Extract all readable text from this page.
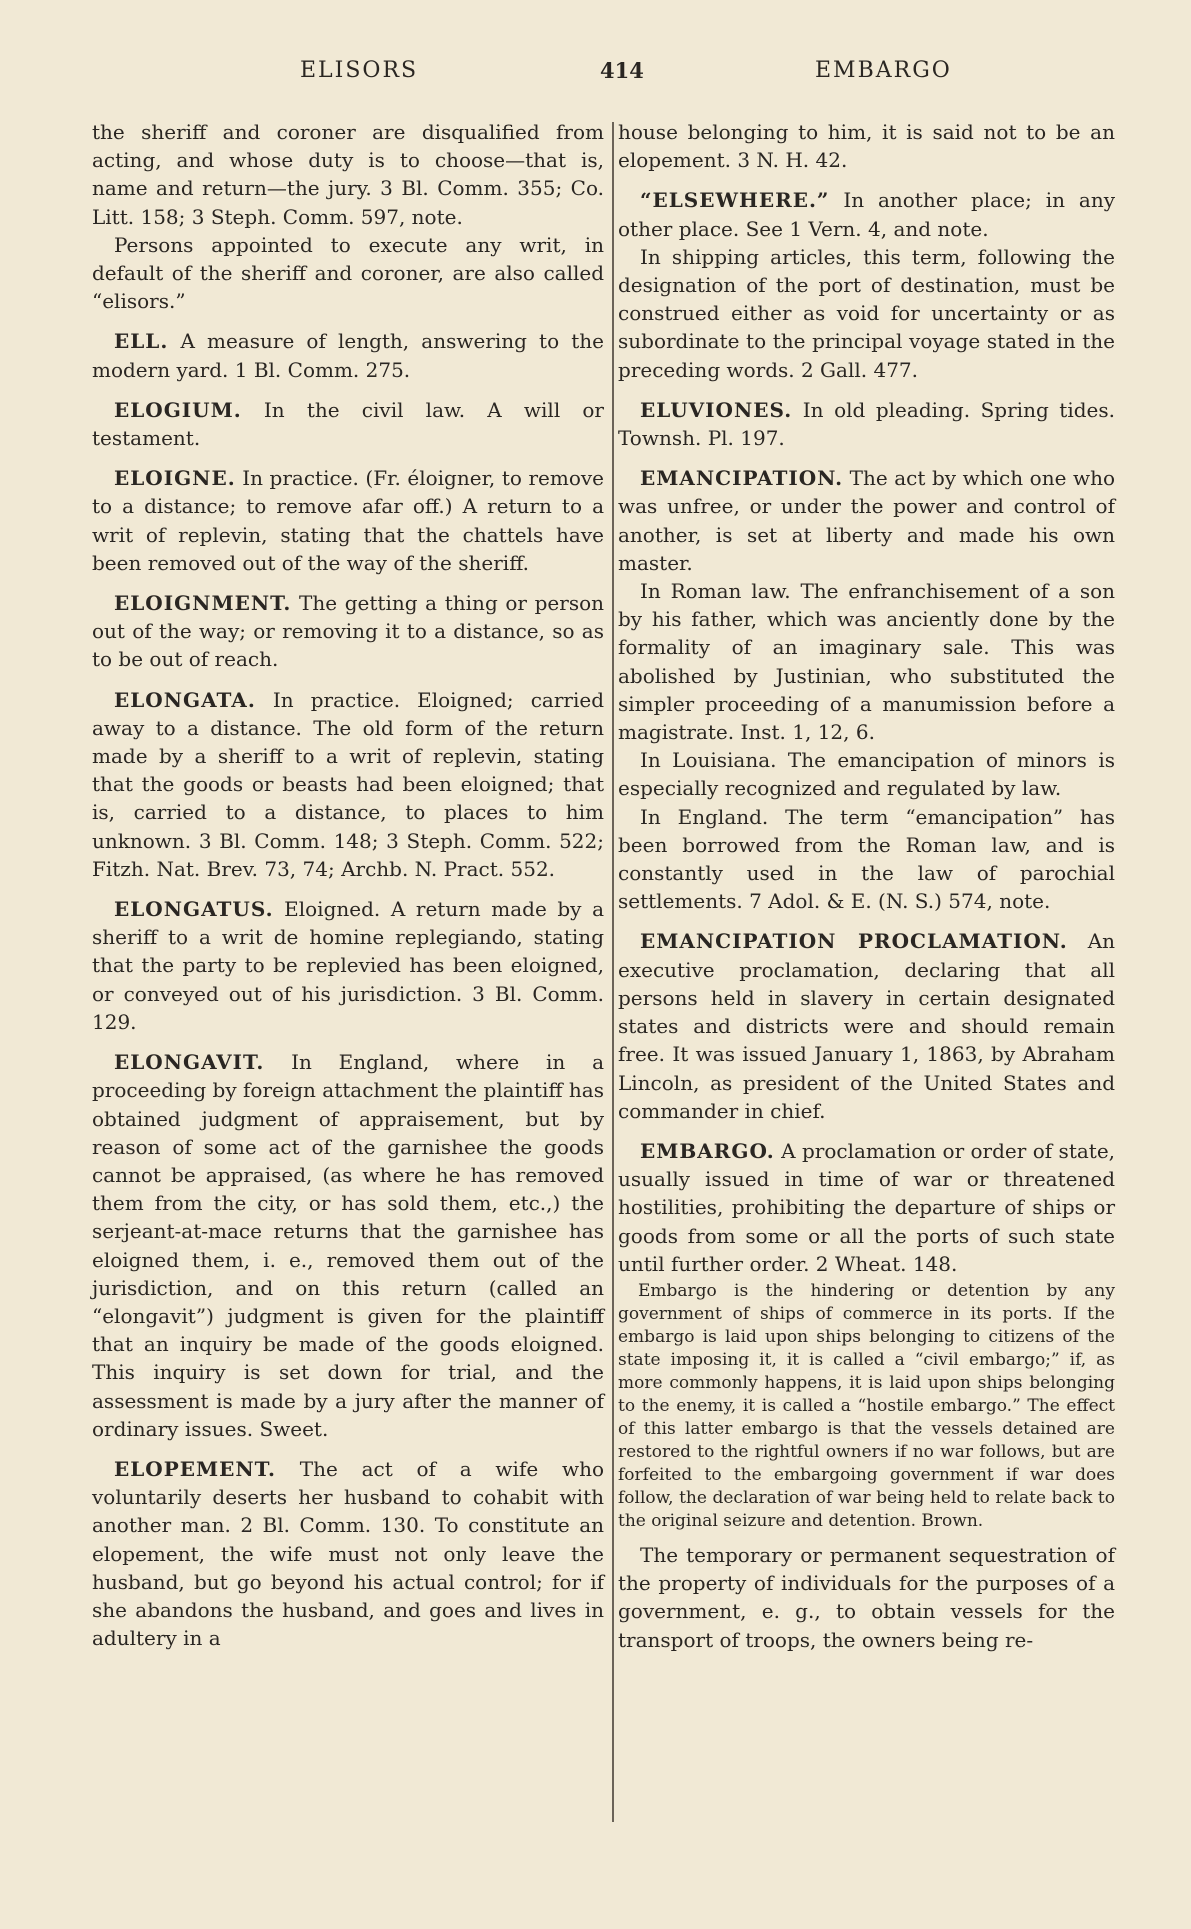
ELISORS	414	EMBARGO

the sheriff and coroner are disqualified from acting, and whose duty is to choose—that is, name and return—the jury. 3 Bl. Comm. 355; Co. Litt. 158; 3 Steph. Comm. 597, note.

Persons appointed to execute any writ, in default of the sheriff and coroner, are also called “elisors.”

ELL. A measure of length, answering to the modern yard. 1 Bl. Comm. 275.

ELOGIUM. In the civil law. A will or testament.

ELOIGNE. In practice. (Fr. éloigner, to remove to a distance; to remove afar off.) A return to a writ of replevin, stating that the chattels have been removed out of the way of the sheriff.

ELOIGNMENT. The getting a thing or person out of the way; or removing it to a distance, so as to be out of reach.

ELONGATA. In practice. Eloigned; carried away to a distance. The old form of the return made by a sheriff to a writ of replevin, stating that the goods or beasts had been eloigned; that is, carried to a distance, to places to him unknown. 3 Bl. Comm. 148; 3 Steph. Comm. 522; Fitzh. Nat. Brev. 73, 74; Archb. N. Pract. 552.

ELONGATUS. Eloigned. A return made by a sheriff to a writ de homine replegiando, stating that the party to be replevied has been eloigned, or conveyed out of his jurisdiction. 3 Bl. Comm. 129.

ELONGAVIT. In England, where in a proceeding by foreign attachment the plaintiff has obtained judgment of appraisement, but by reason of some act of the garnishee the goods cannot be appraised, (as where he has removed them from the city, or has sold them, etc.,) the serjeant-at-mace returns that the garnishee has eloigned them, i. e., removed them out of the jurisdiction, and on this return (called an “elongavit”) judgment is given for the plaintiff that an inquiry be made of the goods eloigned. This inquiry is set down for trial, and the assessment is made by a jury after the manner of ordinary issues. Sweet.

ELOPEMENT. The act of a wife who voluntarily deserts her husband to cohabit with another man. 2 Bl. Comm. 130. To constitute an elopement, the wife must not only leave the husband, but go beyond his actual control; for if she abandons the husband, and goes and lives in adultery in a

house belonging to him, it is said not to be an elopement. 3 N. H. 42.

“ELSEWHERE.” In another place; in any other place. See 1 Vern. 4, and note.

In shipping articles, this term, following the designation of the port of destination, must be construed either as void for uncertainty or as subordinate to the principal voyage stated in the preceding words. 2 Gall. 477.

ELUVIONES. In old pleading. Spring tides. Townsh. Pl. 197.

EMANCIPATION. The act by which one who was unfree, or under the power and control of another, is set at liberty and made his own master.

In Roman law. The enfranchisement of a son by his father, which was anciently done by the formality of an imaginary sale. This was abolished by Justinian, who substituted the simpler proceeding of a manumission before a magistrate. Inst. 1, 12, 6.

In Louisiana. The emancipation of minors is especially recognized and regulated by law.

In England. The term “emancipation” has been borrowed from the Roman law, and is constantly used in the law of parochial settlements. 7 Adol. & E. (N. S.) 574, note.

EMANCIPATION PROCLAMATION. An executive proclamation, declaring that all persons held in slavery in certain designated states and districts were and should remain free. It was issued January 1, 1863, by Abraham Lincoln, as president of the United States and commander in chief.

EMBARGO. A proclamation or order of state, usually issued in time of war or threatened hostilities, prohibiting the departure of ships or goods from some or all the ports of such state until further order. 2 Wheat. 148.

Embargo is the hindering or detention by any government of ships of commerce in its ports. If the embargo is laid upon ships belonging to citizens of the state imposing it, it is called a “civil embargo;” if, as more commonly happens, it is laid upon ships belonging to the enemy, it is called a “hostile embargo.” The effect of this latter embargo is that the vessels detained are restored to the rightful owners if no war follows, but are forfeited to the embargoing government if war does follow, the declaration of war being held to relate back to the original seizure and detention. Brown.

The temporary or permanent sequestration of the property of individuals for the purposes of a government, e. g., to obtain vessels for the transport of troops, the owners being re-
